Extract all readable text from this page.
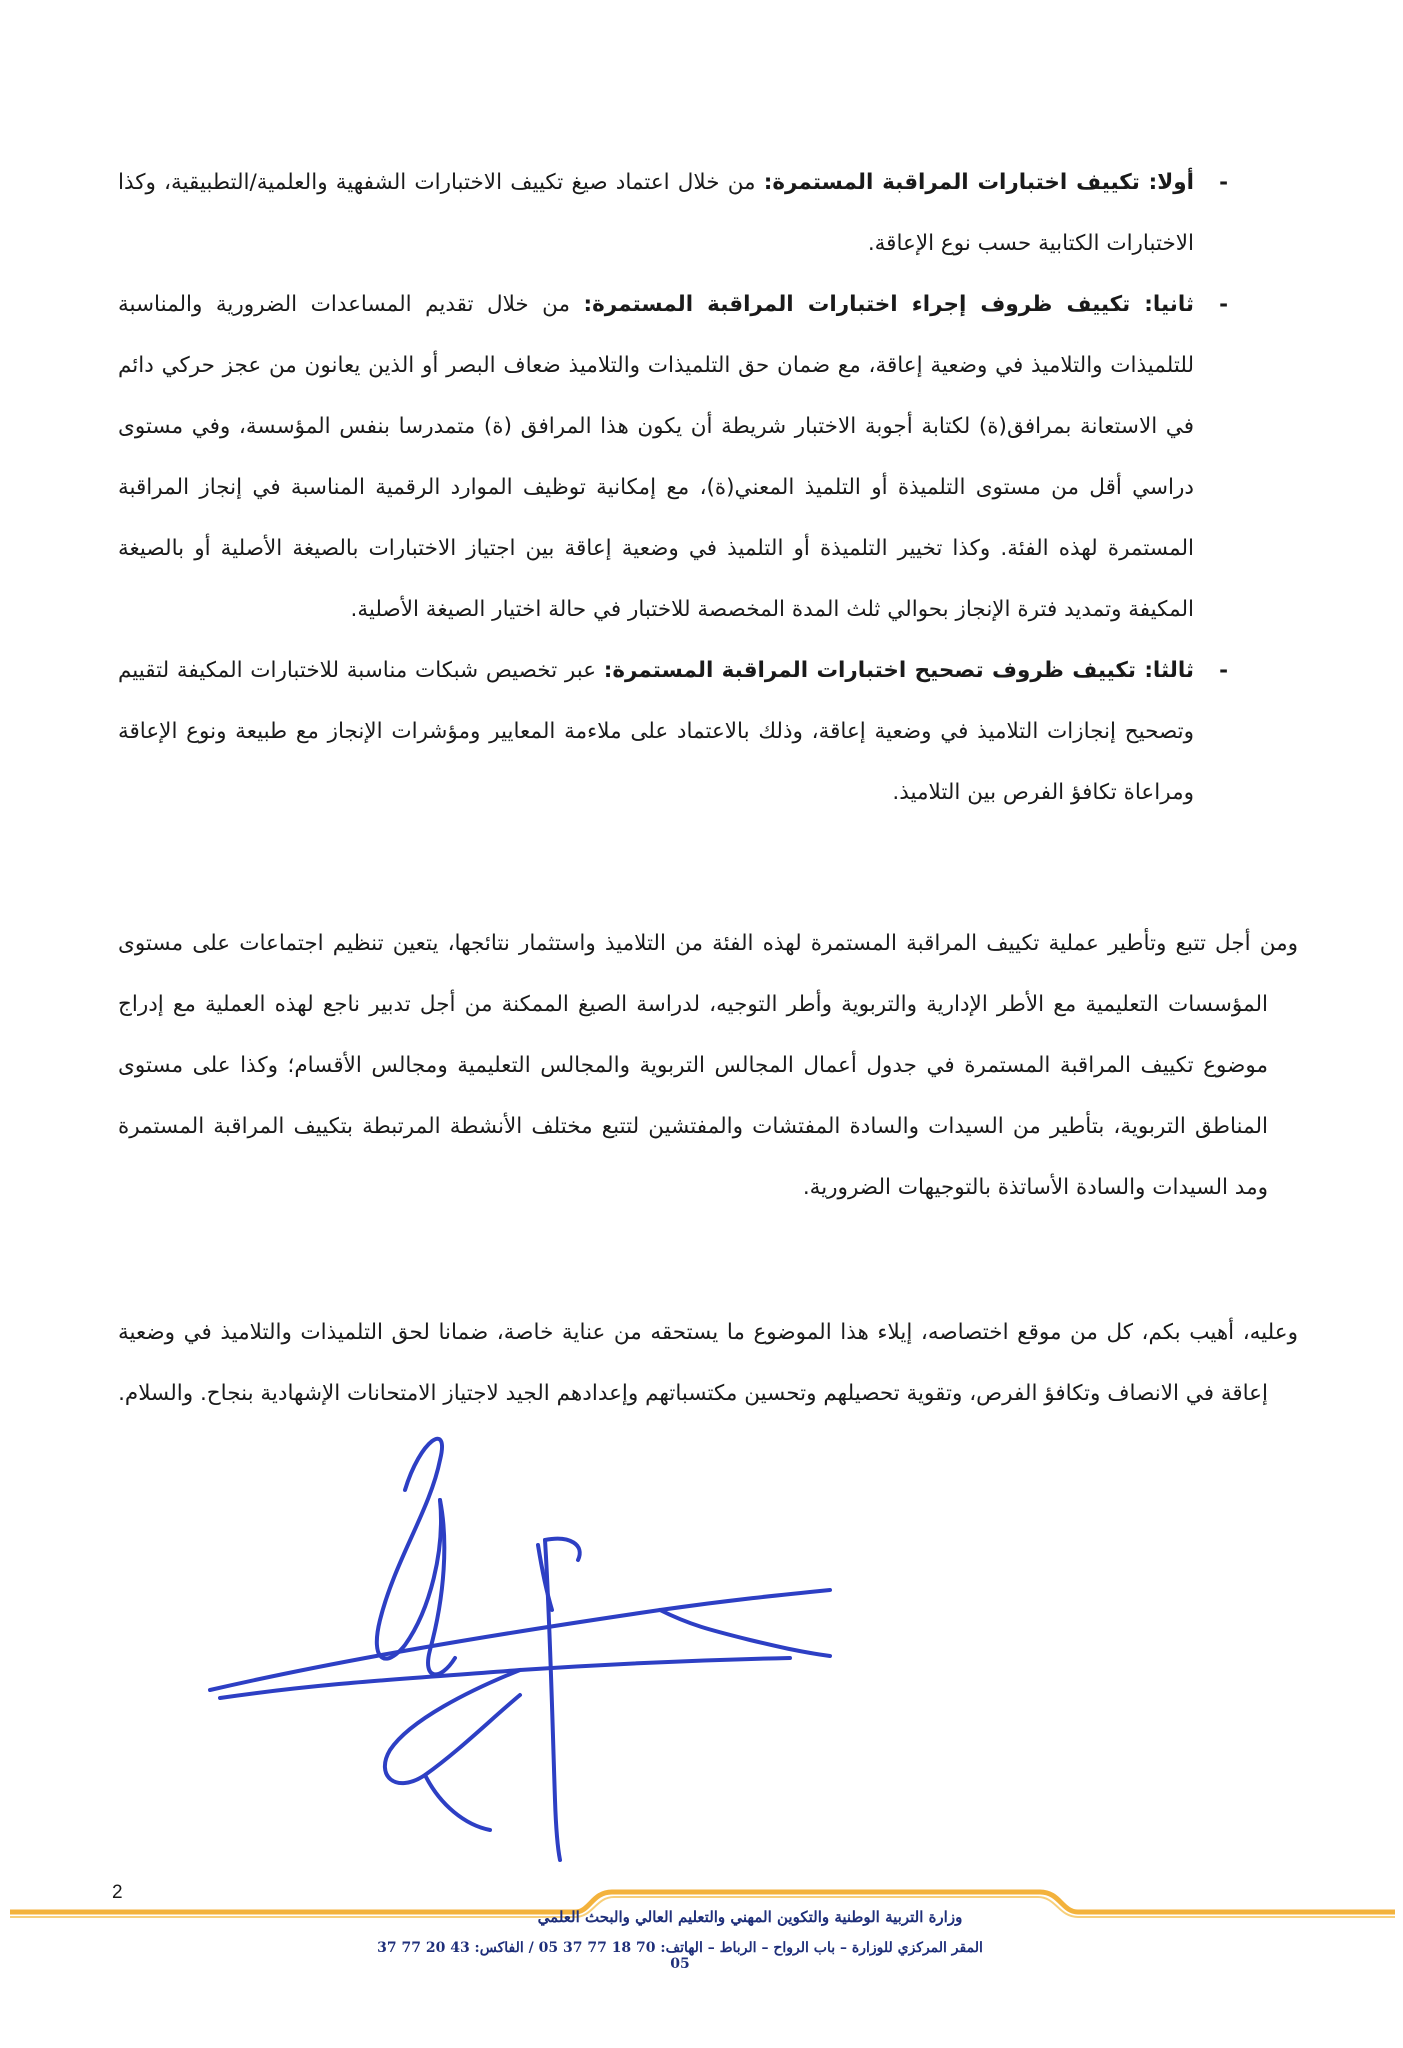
-
أولا: تكييف اختبارات المراقبة المستمرة: من خلال اعتماد صيغ تكييف الاختبارات الشفهية والعلمية/التطبيقية، وكذا الاختبارات الكتابية حسب نوع الإعاقة.

-
ثانيا: تكييف ظروف إجراء اختبارات المراقبة المستمرة: من خلال تقديم المساعدات الضرورية والمناسبة للتلميذات والتلاميذ في وضعية إعاقة، مع ضمان حق التلميذات والتلاميذ ضعاف البصر أو الذين يعانون من عجز حركي دائم في الاستعانة بمرافق(ة) لكتابة أجوبة الاختبار شريطة أن يكون هذا المرافق (ة) متمدرسا بنفس المؤسسة، وفي مستوى دراسي أقل من مستوى التلميذة أو التلميذ المعني(ة)، مع إمكانية توظيف الموارد الرقمية المناسبة في إنجاز المراقبة المستمرة لهذه الفئة. وكذا تخيير التلميذة أو التلميذ في وضعية إعاقة بين اجتياز الاختبارات بالصيغة الأصلية أو بالصيغة المكيفة وتمديد فترة الإنجاز بحوالي ثلث المدة المخصصة للاختبار في حالة اختيار الصيغة الأصلية.

-
ثالثا: تكييف ظروف تصحيح اختبارات المراقبة المستمرة: عبر تخصيص شبكات مناسبة للاختبارات المكيفة لتقييم وتصحيح إنجازات التلاميذ في وضعية إعاقة، وذلك بالاعتماد على ملاءمة المعايير ومؤشرات الإنجاز مع طبيعة ونوع الإعاقة ومراعاة تكافؤ الفرص بين التلاميذ.

ومن أجل تتبع وتأطير عملية تكييف المراقبة المستمرة لهذه الفئة من التلاميذ واستثمار نتائجها، يتعين تنظيم اجتماعات على مستوى المؤسسات التعليمية مع الأطر الإدارية والتربوية وأطر التوجيه، لدراسة الصيغ الممكنة من أجل تدبير ناجع لهذه العملية مع إدراج موضوع تكييف المراقبة المستمرة في جدول أعمال المجالس التربوية والمجالس التعليمية ومجالس الأقسام؛ وكذا على مستوى المناطق التربوية، بتأطير من السيدات والسادة المفتشات والمفتشين لتتبع مختلف الأنشطة المرتبطة بتكييف المراقبة المستمرة ومد السيدات والسادة الأساتذة بالتوجيهات الضرورية.

وعليه، أهيب بكم، كل من موقع اختصاصه، إيلاء هذا الموضوع ما يستحقه من عناية خاصة، ضمانا لحق التلميذات والتلاميذ في وضعية إعاقة في الانصاف وتكافؤ الفرص، وتقوية تحصيلهم وتحسين مكتسباتهم وإعدادهم الجيد لاجتياز الامتحانات الإشهادية بنجاح. والسلام.

2
وزارة التربية الوطنية والتكوين المهني والتعليم العالي والبحث العلمي
المقر المركزي للوزارة – باب الرواح – الرباط – الهاتف: 70 18 77 37 05 / الفاكس: 43 20 77 37 05
